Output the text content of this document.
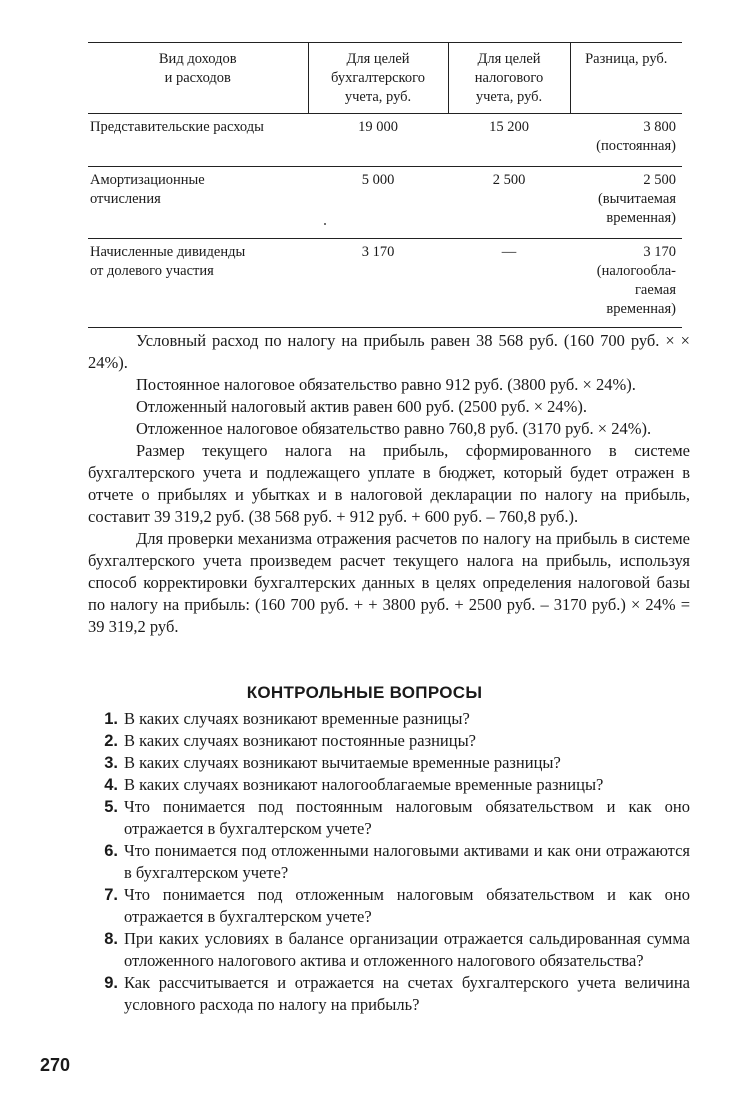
Вид доходов
и расходов	Для целей
бухгалтерского
учета, руб.	Для целей
налогового
учета, руб.	Разница, руб.
Представительские расходы	19 000	15 200	3 800
(постоянная)
Амортизационные
отчисления	5 000	2 500	2 500
(вычитаемая
временная)
Начисленные дивиденды
от долевого участия	3 170	—	3 170
(налогообла-
гаемая
временная)

Условный расход по налогу на прибыль равен 38 568 руб. (160 700 руб. × × 24%).

Постоянное налоговое обязательство равно 912 руб. (3800 руб. × 24%).

Отложенный налоговый актив равен 600 руб. (2500 руб. × 24%).

Отложенное налоговое обязательство равно 760,8 руб. (3170 руб. × 24%).

Размер текущего налога на прибыль, сформированного в системе бухгалтерского учета и подлежащего уплате в бюджет, который будет отражен в отчете о прибылях и убытках и в налоговой декларации по налогу на прибыль, составит 39 319,2 руб. (38 568 руб. + 912 руб. + 600 руб. – 760,8 руб.).

Для проверки механизма отражения расчетов по налогу на прибыль в системе бухгалтерского учета произведем расчет текущего налога на прибыль, используя способ корректировки бухгалтерских данных в целях определения налоговой базы по налогу на прибыль: (160 700 руб. + + 3800 руб. + 2500 руб. – 3170 руб.) × 24% = 39 319,2 руб.

КОНТРОЛЬНЫЕ ВОПРОСЫ
1. В каких случаях возникают временные разницы?
2. В каких случаях возникают постоянные разницы?
3. В каких случаях возникают вычитаемые временные разницы?
4. В каких случаях возникают налогооблагаемые временные разницы?
5. Что понимается под постоянным налоговым обязательством и как оно отражается в бухгалтерском учете?
6. Что понимается под отложенными налоговыми активами и как они отражаются в бухгалтерском учете?
7. Что понимается под отложенным налоговым обязательством и как оно отражается в бухгалтерском учете?
8. При каких условиях в балансе организации отражается сальдированная сумма отложенного налогового актива и отложенного налогового обязательства?
9. Как рассчитывается и отражается на счетах бухгалтерского учета величина условного расхода по налогу на прибыль?
270
